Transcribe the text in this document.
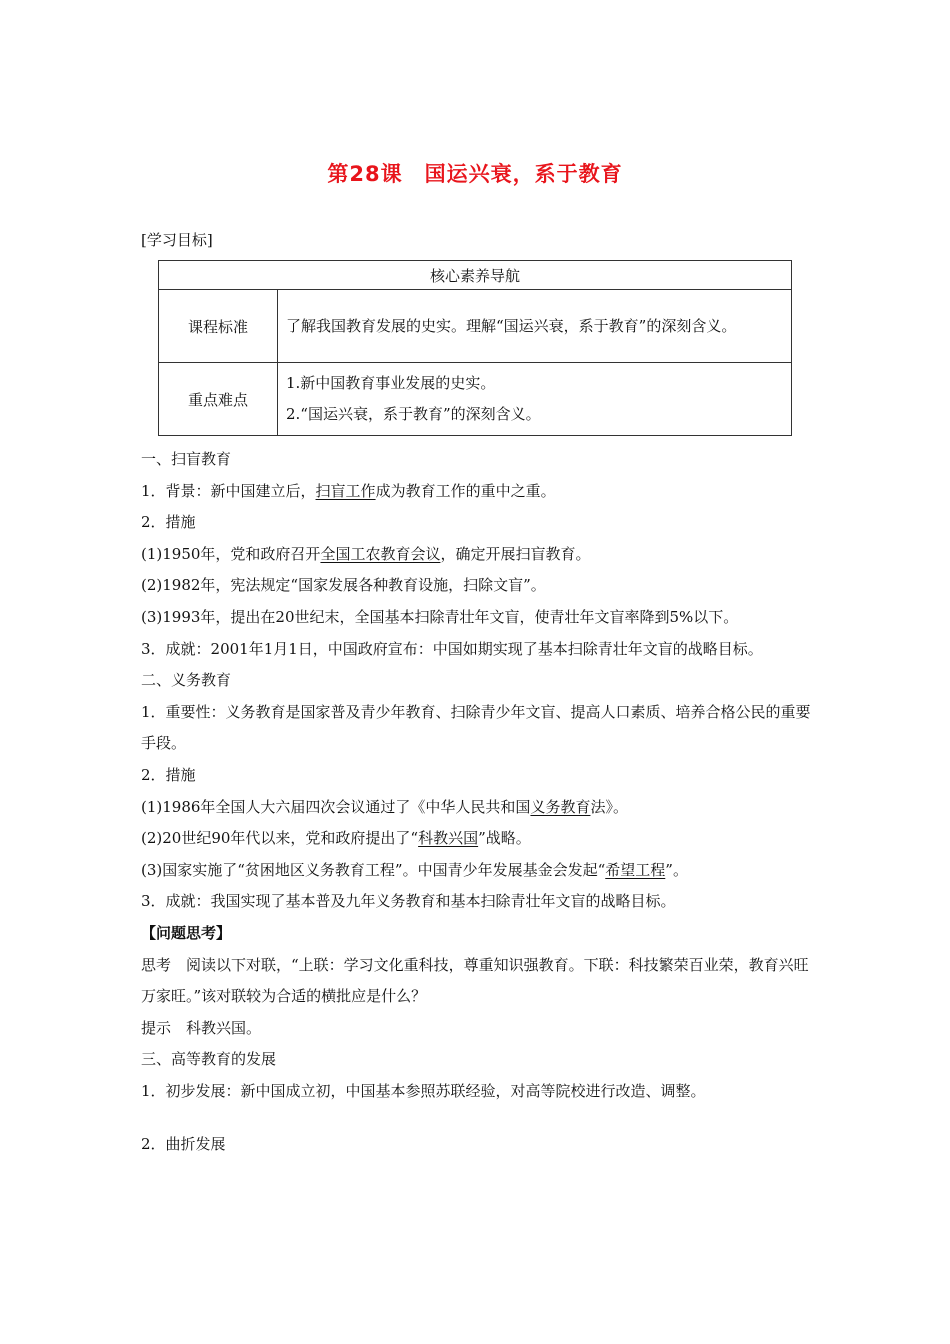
第28课 国运兴衰，系于教育
[学习目标]
核心素养导航	
课程标准	了解我国教育发展的史实。理解“国运兴衰，系于教育”的深刻含义。
重点难点	1.新中国教育事业发展的史实。
2.“国运兴衰，系于教育”的深刻含义。

一、扫盲教育

1．背景：新中国建立后，扫盲工作成为教育工作的重中之重。

2．措施

(1)1950年，党和政府召开全国工农教育会议，确定开展扫盲教育。

(2)1982年，宪法规定“国家发展各种教育设施，扫除文盲”。

(3)1993年，提出在20世纪末，全国基本扫除青壮年文盲，使青壮年文盲率降到5%以下。

3．成就：2001年1月1日，中国政府宣布：中国如期实现了基本扫除青壮年文盲的战略目标。

二、义务教育

1．重要性：义务教育是国家普及青少年教育、扫除青少年文盲、提高人口素质、培养合格公民的重要手段。

2．措施

(1)1986年全国人大六届四次会议通过了《中华人民共和国义务教育法》。

(2)20世纪90年代以来，党和政府提出了“科教兴国”战略。

(3)国家实施了“贫困地区义务教育工程”。中国青少年发展基金会发起“希望工程”。

3．成就：我国实现了基本普及九年义务教育和基本扫除青壮年文盲的战略目标。

【问题思考】

思考　阅读以下对联，“上联：学习文化重科技，尊重知识强教育。下联：科技繁荣百业荣，教育兴旺万家旺。”该对联较为合适的横批应是什么？

提示　科教兴国。

三、高等教育的发展

1．初步发展：新中国成立初，中国基本参照苏联经验，对高等院校进行改造、调整。

2．曲折发展
